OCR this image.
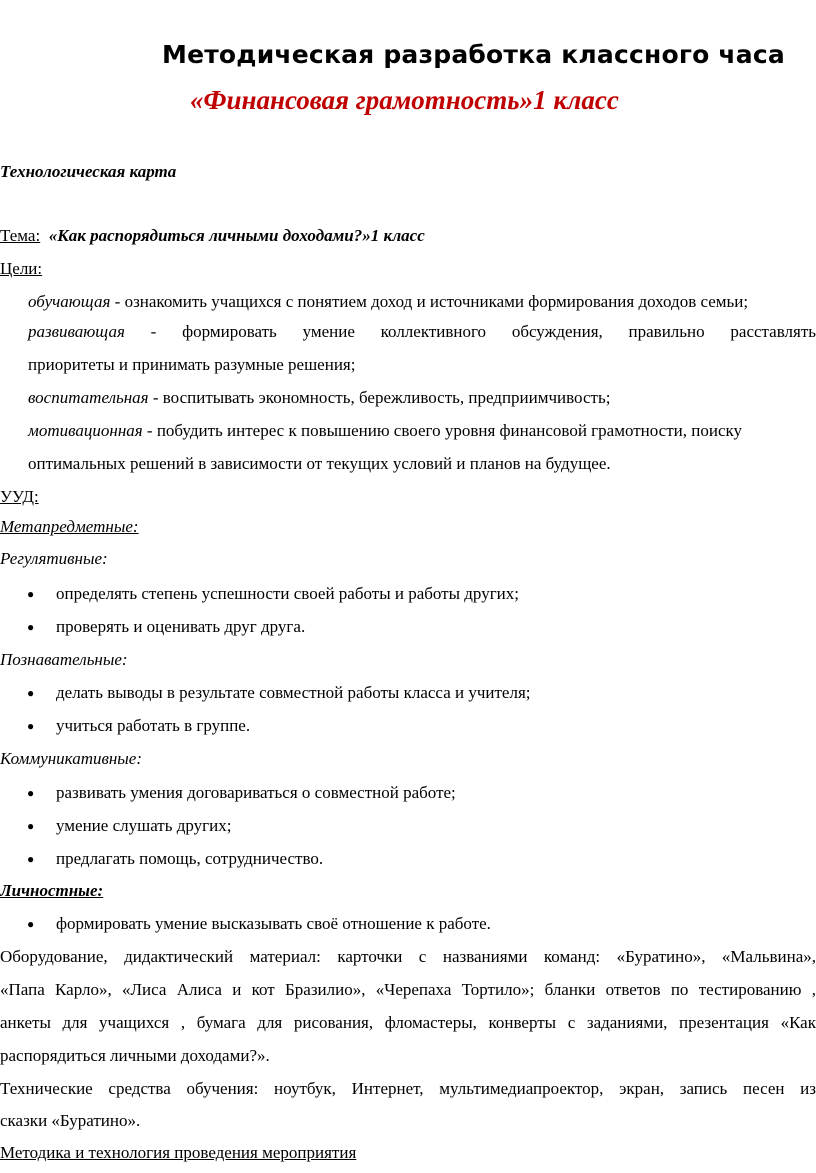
Методическая разработка классного часа
«Финансовая грамотность»1 класс
Технологическая карта
Тема: «Как распорядиться личными доходами?»1 класс
Цели:
обучающая - ознакомить учащихся с понятием доход и источниками формирования доходов семьи;
развивающая - формировать умение коллективного обсуждения, правильно расставлять
приоритеты и принимать разумные решения;
воспитательная - воспитывать экономность, бережливость, предприимчивость;
мотивационная - побудить интерес к повышению своего уровня финансовой грамотности, поиску
оптимальных решений в зависимости от текущих условий и планов на будущее.
УУД:
Метапредметные:
Регулятивные:
● определять степень успешности своей работы и работы других;
● проверять и оценивать друг друга.
Познавательные:
● делать выводы в результате совместной работы класса и учителя;
● учиться работать в группе.
Коммуникативные:
● развивать умения договариваться о совместной работе;
● умение слушать других;
● предлагать помощь, сотрудничество.
Личностные:
● формировать умение высказывать своё отношение к работе.
Оборудование, дидактический материал: карточки с названиями команд: «Буратино», «Мальвина»,
«Папа Карло», «Лиса Алиса и кот Бразилио», «Черепаха Тортило»; бланки ответов по тестированию ,
анкеты для учащихся , бумага для рисования, фломастеры, конверты с заданиями, презентация «Как
распорядиться личными доходами?».
Технические средства обучения: ноутбук, Интернет, мультимедиапроектор, экран, запись песен из
сказки «Буратино».
Методика и технология проведения мероприятия
